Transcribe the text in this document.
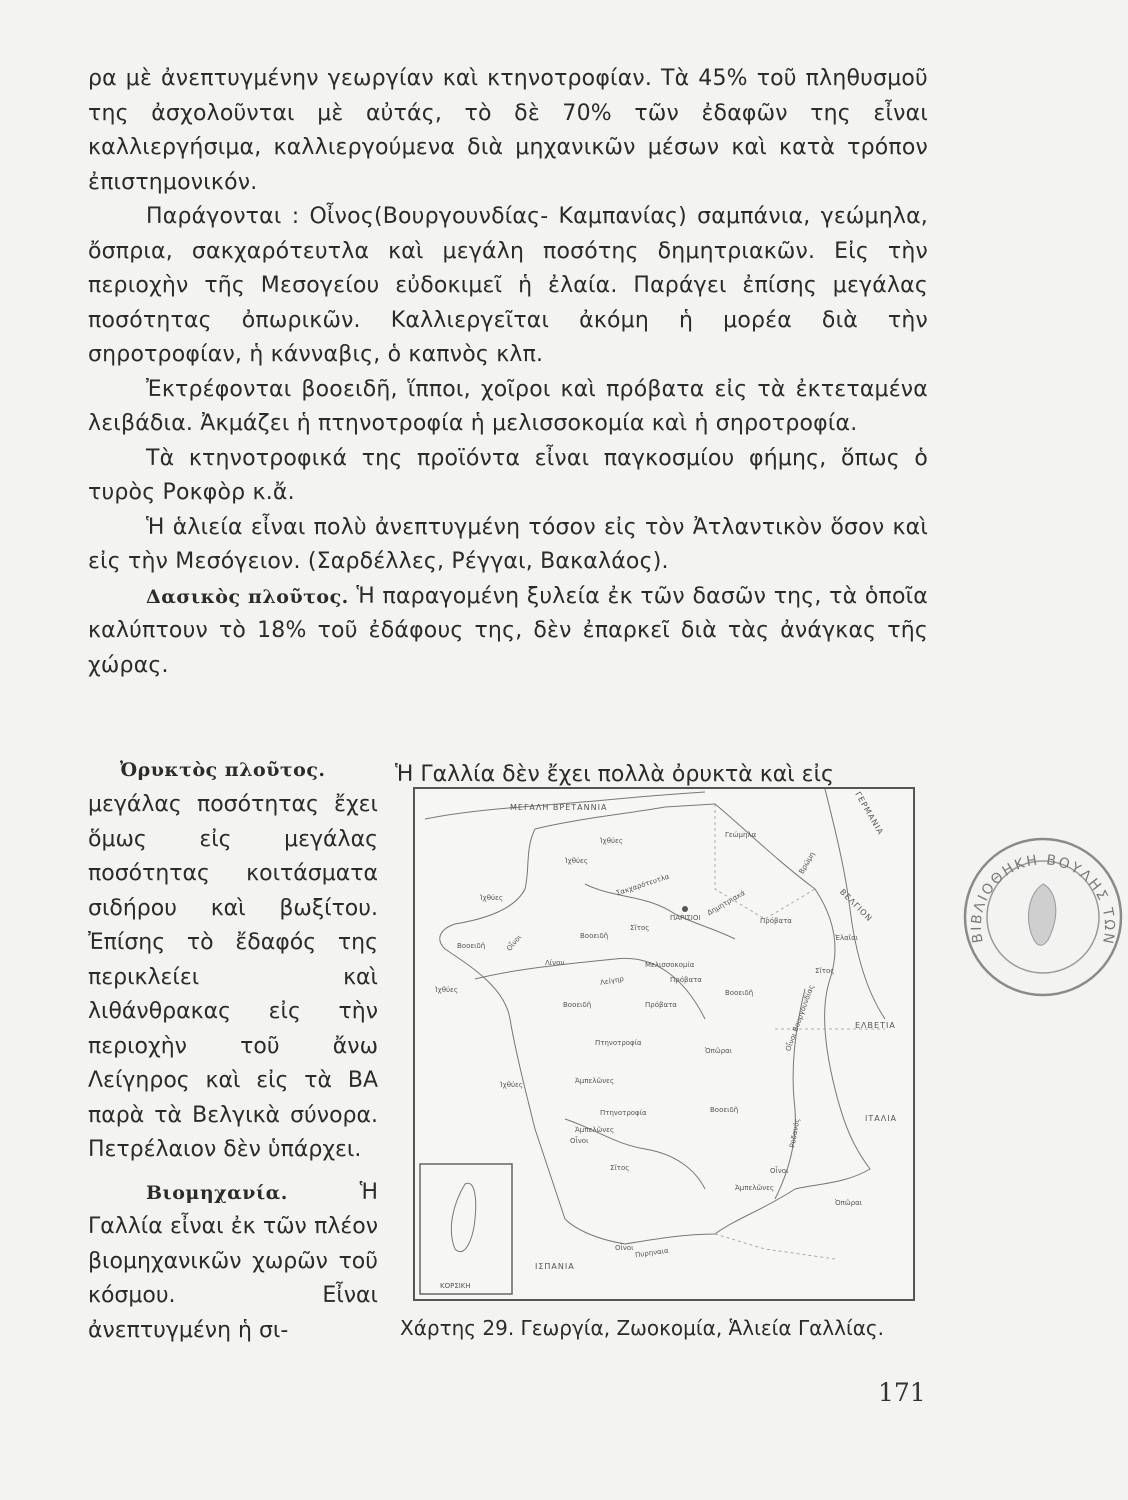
ρα μὲ ἀνεπτυγμένην γεωργίαν καὶ κτηνοτροφίαν. Τὰ 45% τοῦ πληθυσμοῦ της ἀσχολοῦνται μὲ αὐτάς, τὸ δὲ 70% τῶν ἐδαφῶν της εἶναι καλλιεργήσιμα, καλλιεργούμενα διὰ μηχανικῶν μέσων καὶ κατὰ τρόπον ἐπιστημονικόν.

Παράγονται : Οἶνος(Βουργουνδίας- Καμπανίας) σαμπάνια, γεώμηλα, ὄσπρια, σακχαρότευτλα καὶ μεγάλη ποσότης δημητριακῶν. Εἰς τὴν περιοχὴν τῆς Μεσογείου εὐδοκιμεῖ ἡ ἐλαία. Παράγει ἐπίσης μεγάλας ποσότητας ὀπωρικῶν. Καλλιεργεῖται ἀκόμη ἡ μορέα διὰ τὴν σηροτροφίαν, ἡ κάνναβις, ὁ καπνὸς κλπ.

Ἐκτρέφονται βοοειδῆ, ἵπποι, χοῖροι καὶ πρόβατα εἰς τὰ ἐκτεταμένα λειβάδια. Ἀκμάζει ἡ πτηνοτροφία ἡ μελισσοκομία καὶ ἡ σηροτροφία.

Τὰ κτηνοτροφικά της προϊόντα εἶναι παγκοσμίου φήμης, ὅπως ὁ τυρὸς Ροκφὸρ κ.ἄ.

Ἡ ἁλιεία εἶναι πολὺ ἀνεπτυγμένη τόσον εἰς τὸν Ἀτλαντικὸν ὅσον καὶ εἰς τὴν Μεσόγειον. (Σαρδέλλες, Ρέγγαι, Βακαλάος).

Δασικὸς πλοῦτος. Ἡ παραγομένη ξυλεία ἐκ τῶν δασῶν της, τὰ ὁποῖα καλύπτουν τὸ 18% τοῦ ἐδάφους της, δὲν ἐπαρκεῖ διὰ τὰς ἀνάγκας τῆς χώρας.

Ὀρυκτὸς πλοῦτος.	Ἡ Γαλλία δὲν ἔχει πολλὰ ὀρυκτὰ καὶ εἰς

μεγάλας ποσότητας ἔχει ὅμως εἰς μεγάλας ποσότητας κοιτάσματα σιδήρου καὶ βωξίτου. Ἐπίσης τὸ ἔδαφός της περικλείει καὶ λιθάνθρακας εἰς τὴν περιοχὴν τοῦ ἄνω Λείγηρος καὶ εἰς τὰ ΒΑ παρὰ τὰ Βελγικὰ σύνορα. Πετρέλαιον δὲν ὑπάρχει.

Βιομηχανία. Ἡ Γαλλία εἶναι ἐκ τῶν πλέον βιομηχανικῶν χωρῶν τοῦ κόσμου. Εἶναι ἀνεπτυγμένη ἡ σι-

ΜΕΓΑΛΗ ΒΡΕΤΑΝΝΙΑ	ΓΕΡΜΑΝΙΑ
ΒΕΛΓΙΟΝ
ΕΛΒΕΤΙΑ
ΙΤΑΛΙΑ
ΙΣΠΑΝΙΑ
ΚΟΡΣΙΚΗ
Πυρηναια
ΠΑΡΙΣΙΟΙ
Ἰχθύες
Ἰχθύες
Ἰχθύες
Ἰχθύες
Ἰχθύες
Βοοειδῆ
Βοοειδῆ
Βοοειδῆ
Βοοειδῆ
Βοοειδῆ
Πρόβατα
Πρόβατα
Πρόβατα
Οἶνοι
Οἶνοι
Οἶνοι
Οἶνοι
Ὀπῶραι
Ὀπῶραι
Σῖτος
Σῖτος
Σῖτος
Ἀμπελῶνες
Ἀμπελῶνες
Ἀμπελῶνες
Πτηνοτροφία
Πτηνοτροφία
Μελισσοκομία
Δημητριακά
Σακχαρότευτλα
Ἐλαῖαι
Γεώμηλα
Λίνον
Λείγηρ
Ροδανός
Οἶνοι Βουργουνδίας
Βρώμη
Χάρτης 29. Γεωργία, Ζωοκομία, Ἁλιεία Γαλλίας.
171
ΒΙΒΛΙΟΘΗΚΗ ΒΟΥΛΗΣ ΤΩΝ
